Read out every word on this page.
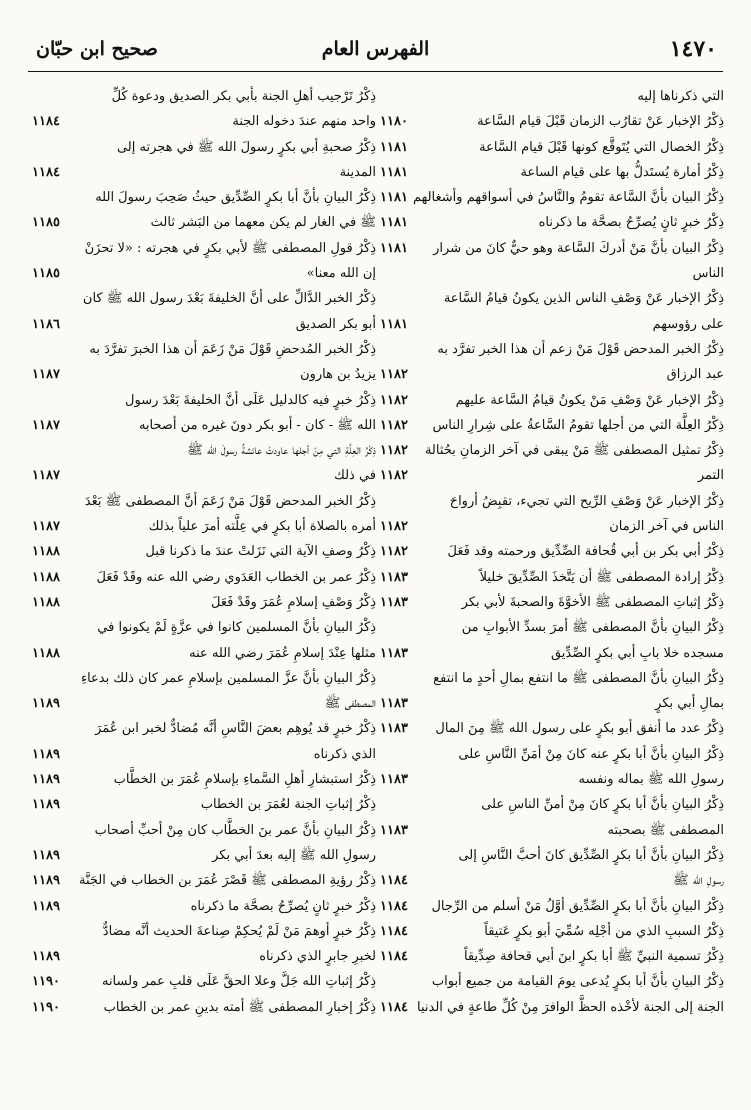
١٤٧٠
الفهرس العام
صحيح ابن حبّان
التي ذكرناها إليه
ذِكْرُ الإخبار عَنْ تقارُب الزمان قَبْلَ قيام السَّاعة
١١٨٠
ذِكْرُ الخصال التي يُتَوقَّع كونها قَبْلَ قيام السَّاعة
١١٨١
ذِكْرُ أمارة يُستَدلُّ بها على قيام الساعة
١١٨١
ذِكْرُ البيان بأنَّ السَّاعة تقومُ والنَّاسُ في أسواقهم وأشغالهم
١١٨١
ذِكْرُ خبرٍ ثانٍ يُصرِّحُ بصحَّة ما ذكرناه
١١٨١
ذِكْرُ البيان بأنَّ مَنْ أدركَ السَّاعة وهو حيٌّ كانَ من شرار
١١٨١
الناس
ذِكْرُ الإخبار عَنْ وَصْفِ الناس الذين يكونُ قيامُ السَّاعة
على رؤوسهم
١١٨١
ذِكْرُ الخبر المدحض قَوْلَ مَنْ زعم أن هذا الخبر تفرَّد به
عبد الرزاق
١١٨٢
ذِكْرُ الإخبار عَنْ وَصْفِ مَنْ يكونُ قيامُ السَّاعة عليهم
١١٨٢
ذِكْرُ العِلَّة التي من أجلها تقومُ السَّاعةُ على شِرارِ الناس
١١٨٢
ذِكْرُ تمثيل المصطفى ﷺ مَنْ يبقى في آخر الزمانِ بحُثالة
١١٨٢
التمر
١١٨٢
ذِكْرُ الإخبار عَنْ وَصْفِ الرِّيح التي تجيء، تقبِضُ أرواحَ
الناس في آخر الزمان
١١٨٢
ذِكْرُ أبي بكر بن أبي قُحافة الصِّدِّيق ورحمته وقد فَعَلَ
١١٨٢
ذِكْرُ إرادة المصطفى ﷺ أن يَتَّخذَ الصِّدِّيقَ خليلاً
١١٨٣
ذِكْرُ إثباتِ المصطفى ﷺ الأخوَّةَ والصحبةَ لأبي بكر
١١٨٣
ذِكْرُ البيانِ بأنَّ المصطفى ﷺ أمرَ بسدِّ الأبوابِ من
مسجده خلا بابِ أبي بكرٍ الصِّدِّيق
١١٨٣
ذِكْرُ البيانِ بأنَّ المصطفى ﷺ ما انتفع بمالِ أحدٍ ما انتفع
بمالِ أبي بكرٍ
١١٨٣
ذِكْرُ عدد ما أنفق أبو بكرٍ على رسول الله ﷺ مِنَ المال
١١٨٣
ذِكْرُ البيانِ بأنَّ أبا بكرٍ عنه كانَ مِنْ أمَنِّ النَّاسِ على
رسولِ الله ﷺ بماله ونفسه
١١٨٣
ذِكْرُ البيانِ بأنَّ أبا بكرٍ كانَ مِنْ أمنِّ الناسِ على
المصطفى ﷺ بصحبته
١١٨٣
ذِكْرُ البيانِ بأنَّ أبا بكرٍ الصِّدِّيق كانَ أحبَّ النَّاسِ إلى
رسولِ الله ﷺ
١١٨٤
ذِكْرُ البيانِ بأنَّ أبا بكرٍ الصِّدِّيق أوَّلُ مَنْ أسلم من الرِّجال
١١٨٤
ذِكْرُ السببِ الذي من أجْلِه سُمِّيَ أبو بكرٍ عَتيقاً
١١٨٤
ذِكْرُ تسمية النبيِّ ﷺ أبا بكرٍ ابنَ أبي قحافة صِدِّيقاً
١١٨٤
ذِكْرُ البيانِ بأنَّ أبا بكرٍ يُدعى يومَ القيامة من جميع أبواب
الجنة إلى الجنة لأخْذه الحظَّ الوافرَ مِنْ كُلِّ طاعةٍ في الدنيا
١١٨٤
ذِكْرُ تَرْجيب أهلِ الجنة بأبي بكر الصديق ودعوة كُلِّ
واحد منهم عندَ دخوله الجنة
١١٨٤
ذِكْرُ صحبةِ أبي بكرٍ رسولَ الله ﷺ في هجرته إلى
المدينة
١١٨٤
ذِكْرُ البيانِ بأنَّ أبا بكرٍ الصِّدِّيق حيثُ صَحِبَ رسولَ الله
ﷺ في الغار لم يكن معهما من البَشر ثالث
١١٨٥
ذِكْرُ قولِ المصطفى ﷺ لأبي بكرٍ في هجرته : «لا تحزَنْ
إن الله معنا»
١١٨٥
ذِكْرُ الخبر الدَّالِّ على أنَّ الخليفةَ بَعْدَ رسول الله ﷺ كان
أبو بكر الصديق
١١٨٦
ذِكْرُ الخبر المُدحضِ قَوْلَ مَنْ زَعَمَ أن هذا الخبرَ تفرَّدَ به
يزيدُ بن هارون
١١٨٧
ذِكْرُ خبرٍ فيه كالدليل عَلَى أنَّ الخليفةَ بَعْدَ رسول
الله ﷺ - كان - أبو بكر دونَ غيره من أصحابه
١١٨٧
ذِكْرُ العِلَّةِ التي مِنْ أجلها عاودتْ عائشةُ رسولَ الله ﷺ
في ذلك
١١٨٧
ذِكْرُ الخبر المدحض قَوْلَ مَنْ زَعَمَ أنَّ المصطفى ﷺ بَعْدَ
أمره بالصلاة أبا بكرٍ في عِلَّته أمرَ علياً بذلك
١١٨٧
ذِكْرُ وصفِ الآية التي نَزَلتْ عندَ ما ذكرنا قبل
١١٨٨
ذِكْرُ عمر بن الخطاب العَدَوي رضي الله عنه وقَدْ فَعَلَ
١١٨٨
ذِكْرُ وَصْفِ إسلامِ عُمَرَ وقَدْ فَعَلَ
١١٨٨
ذِكْرُ البيانِ بأنَّ المسلمين كانوا في عزَّةٍ لَمْ يكونوا في
مثلها عِنْدَ إسلامِ عُمَرَ رضي الله عنه
١١٨٨
ذِكْرُ البيانِ بأنَّ عزَّ المسلمين بإسلامِ عمر كان ذلك بدعاءِ
المصطفى ﷺ
١١٨٩
ذِكْرُ خبرٍ قد يُوهِم بعضَ النَّاسِ أنَّه مُضادٌّ لخبر ابن عُمَرَ
الذي ذكرناه
١١٨٩
ذِكْرُ استبشارِ أهلِ السَّماءِ بإسلامِ عُمَرَ بن الخطَّاب
١١٨٩
ذِكْرُ إثباتِ الجنة لعُمَرَ بن الخطاب
١١٨٩
ذِكْرُ البيانِ بأنَّ عمر بنَ الخطَّاب كان مِنْ أحبِّ أصحاب
رسولِ الله ﷺ إليه بعدَ أبي بكر
١١٨٩
ذِكْرُ رؤيةِ المصطفى ﷺ قَصْرَ عُمَرَ بن الخطاب في الجَنَّة
١١٨٩
ذِكْرُ خبرٍ ثانٍ يُصرِّحُ بصحَّة ما ذكرناه
١١٨٩
ذِكْرُ خبرٍ أوهمَ مَنْ لَمْ يُحكِمْ صِناعةَ الحديث أنَّه مضادٌّ
لخبرِ جابرٍ الذي ذكرناه
١١٨٩
ذِكْرُ إثباتِ الله جَلَّ وعلا الحقَّ عَلَى قلبِ عمر ولسانه
١١٩٠
ذِكْرُ إخبارِ المصطفى ﷺ أمته بدينِ عمر بن الخطاب
١١٩٠
